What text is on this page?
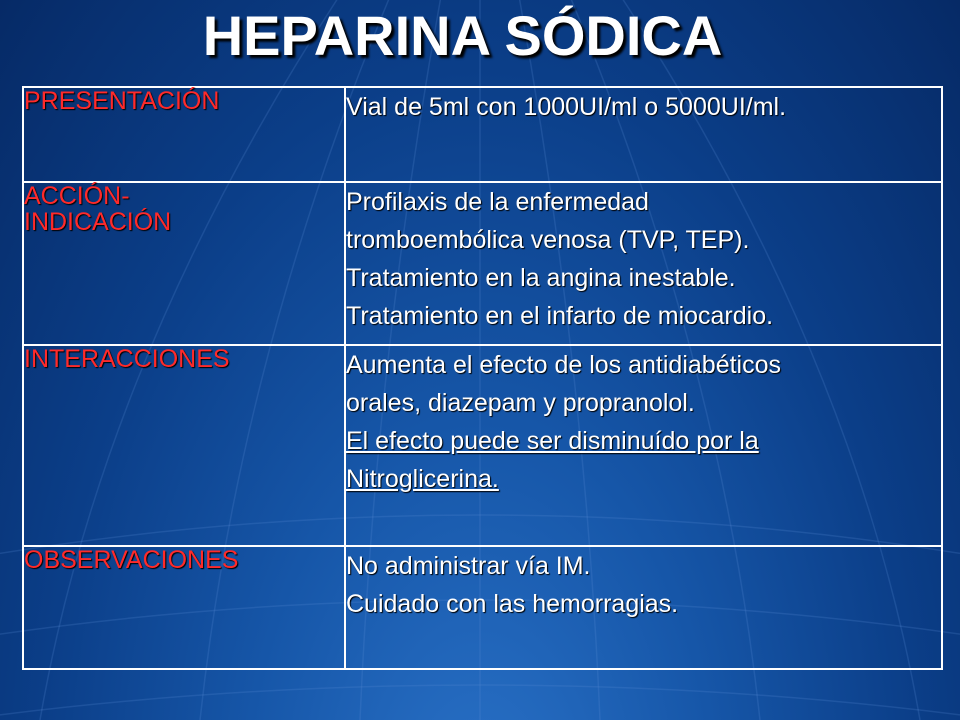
HEPARINA SÓDICA
PRESENTACIÓN	Vial de 5ml con 1000UI/ml o 5000UI/ml.

ACCIÓN-
INDICACIÓN	Profilaxis de la enfermedad
tromboembólica venosa (TVP, TEP).
Tratamiento en la angina inestable.
Tratamiento en el infarto de miocardio.

INTERACCIONES	Aumenta el efecto de los antidiabéticos
orales, diazepam y propranolol.
El efecto puede ser disminuído por la
Nitroglicerina.

OBSERVACIONES	No administrar vía IM.
Cuidado con las hemorragias.
